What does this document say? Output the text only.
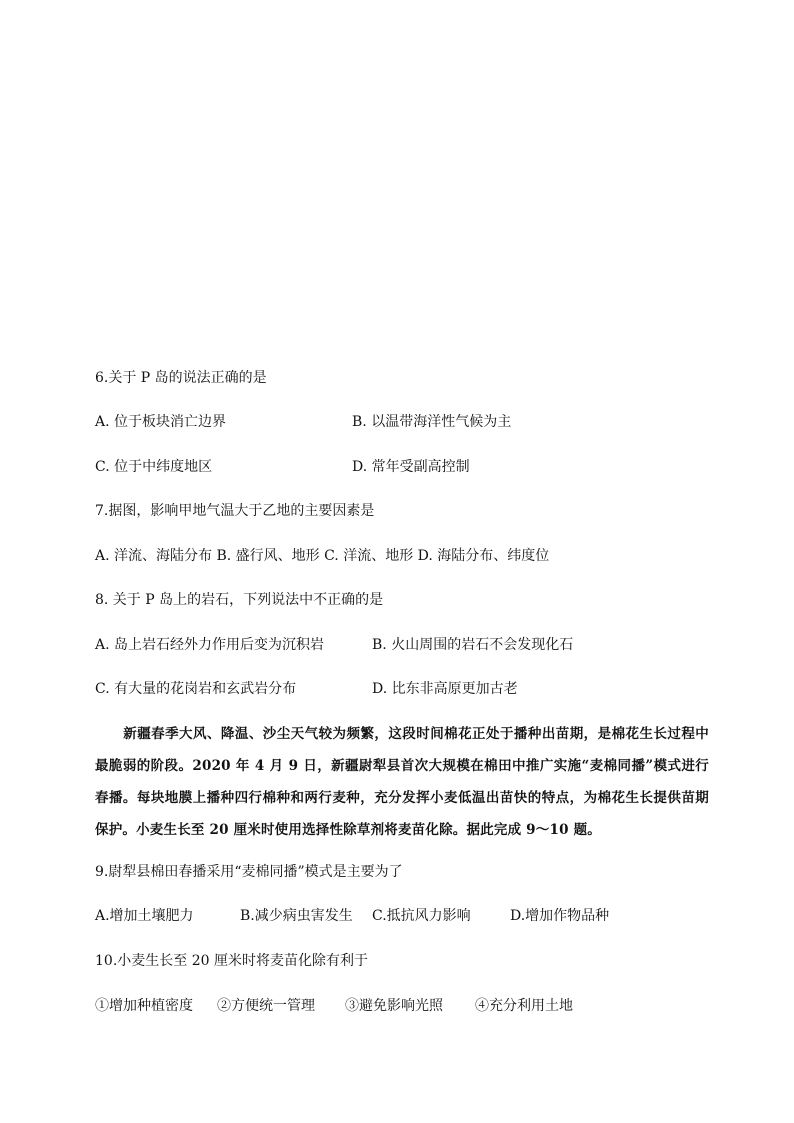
6.关于 P 岛的说法正确的是
A. 位于板块消亡边界	B. 以温带海洋性气候为主
C. 位于中纬度地区	D. 常年受副高控制
7.据图，影响甲地气温大于乙地的主要因素是
A. 洋流、海陆分布 B. 盛行风、地形 C. 洋流、地形 D. 海陆分布、纬度位
8. 关于 P 岛上的岩石，下列说法中不正确的是
A. 岛上岩石经外力作用后变为沉积岩	B. 火山周围的岩石不会发现化石
C. 有大量的花岗岩和玄武岩分布	D. 比东非高原更加古老
新疆春季大风、降温、沙尘天气较为频繁，这段时间棉花正处于播种出苗期，是棉花生长过程中最脆弱的阶段。2020 年 4 月 9 日，新疆尉犁县首次大规模在棉田中推广实施“麦棉同播”模式进行春播。每块地膜上播种四行棉种和两行麦种，充分发挥小麦低温出苗快的特点，为棉花生长提供苗期保护。小麦生长至 20 厘米时使用选择性除草剂将麦苗化除。据此完成 9～10 题。
9.尉犁县棉田春播采用“麦棉同播”模式是主要为了
A.增加土壤肥力	B.减少病虫害发生 C.抵抗风力影响	D.增加作物品种
10.小麦生长至 20 厘米时将麦苗化除有利于
①增加种植密度 ②方便统一管理 ③避免影响光照 ④充分利用土地
